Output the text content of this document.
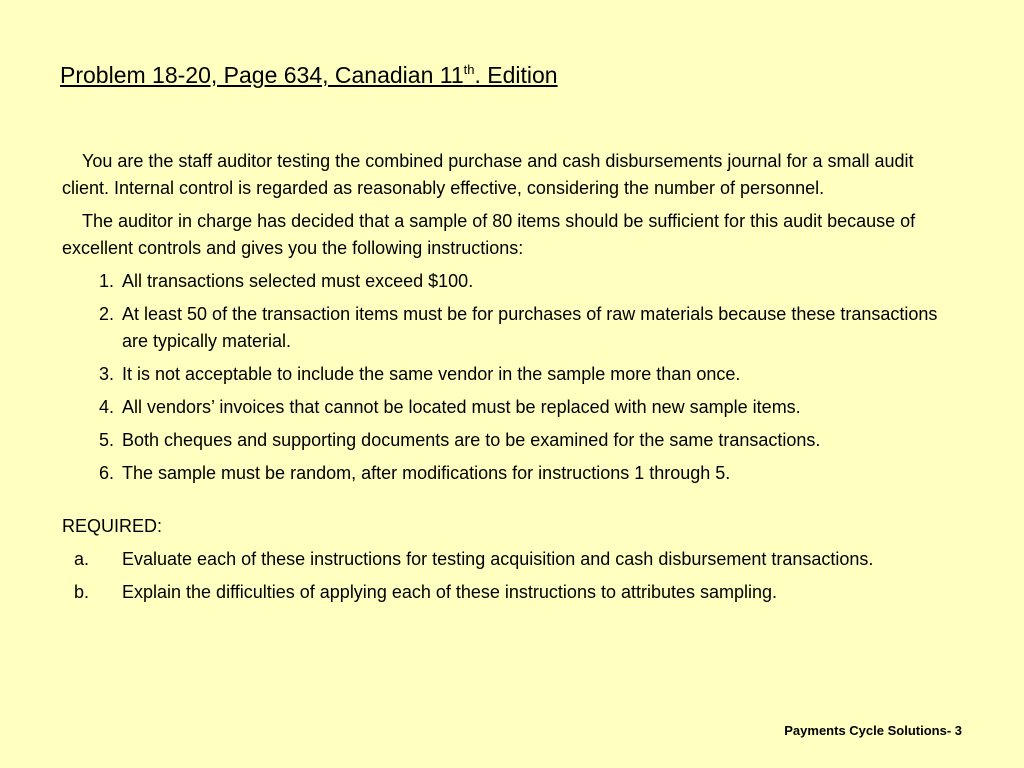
Problem 18-20, Page 634, Canadian 11th. Edition

You are the staff auditor testing the combined purchase and cash disbursements journal for a small audit client. Internal control is regarded as reasonably effective, considering the number of personnel.

The auditor in charge has decided that a sample of 80 items should be sufficient for this audit because of excellent controls and gives you the following instructions:

1. All transactions selected must exceed $100.
2. At least 50 of the transaction items must be for purchases of raw materials because these transactions are typically material.
3. It is not acceptable to include the same vendor in the sample more than once.
4. All vendors’ invoices that cannot be located must be replaced with new sample items.
5. Both cheques and supporting documents are to be examined for the same transactions.
6. The sample must be random, after modifications for instructions 1 through 5.
REQUIRED:
a.	Evaluate each of these instructions for testing acquisition and cash disbursement transactions.
b.	Explain the difficulties of applying each of these instructions to attributes sampling.
Payments Cycle Solutions- 3
